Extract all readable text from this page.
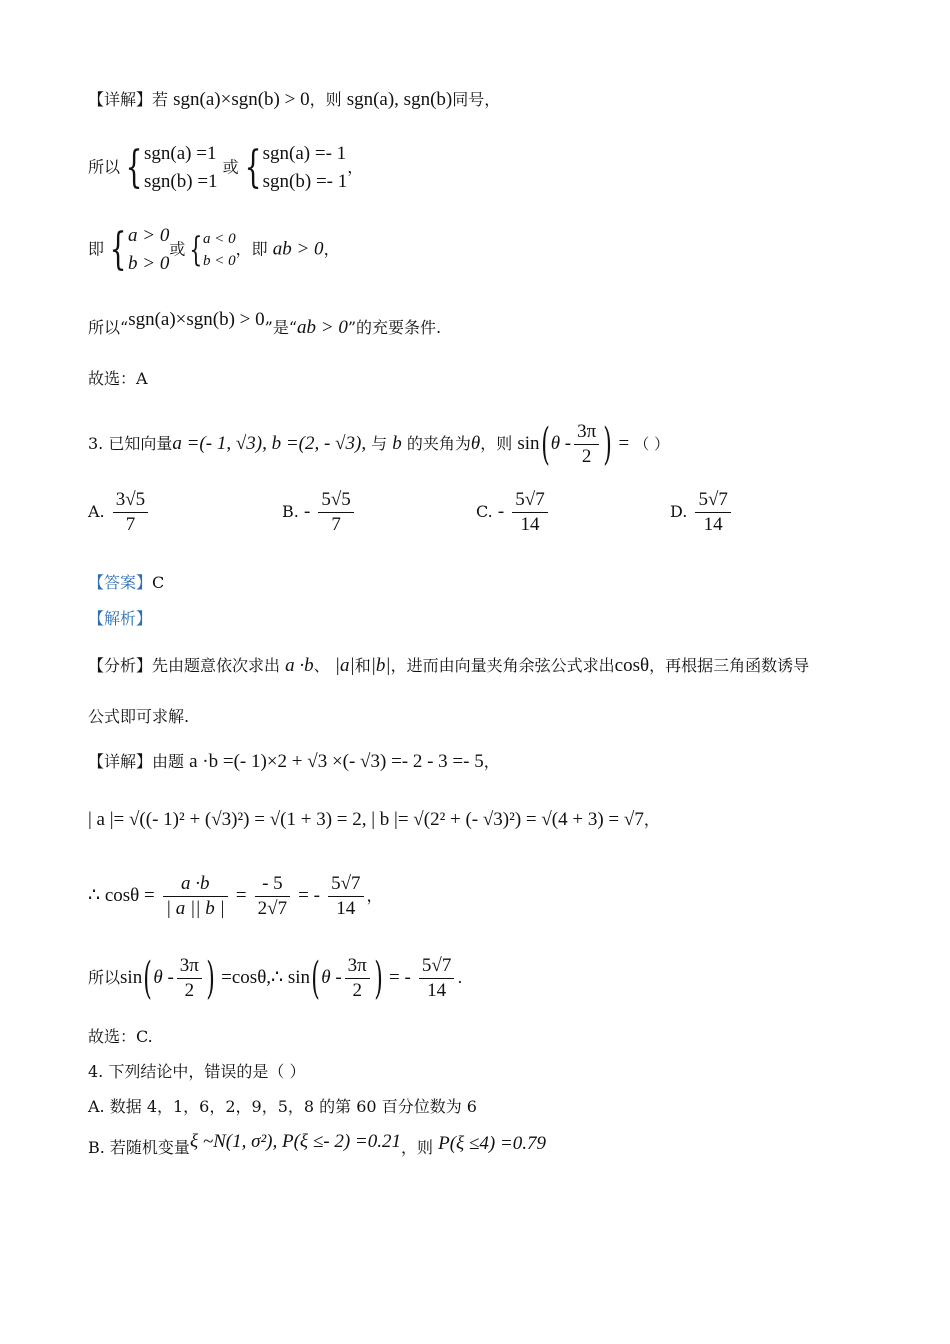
【详解】若 sgn(a)×sgn(b) > 0，则 sgn(a), sgn(b)同号，
所以 { sgn(a) =1
sgn(b) =1
或 { sgn(a) =- 1
sgn(b) =- 1
，
即 { a > 0
b > 0
或 { a < 0
b < 0
，即 ab > 0，
所以“sgn(a)×sgn(b) > 0”是“ab > 0”的充要条件.
故选：A
3. 已知向量a =(- 1, √3), b =(2, - √3), 与 b 的夹角为θ，则 $\sin(\theta - \frac{3\pi}{2}$ ) = （ ）
A. $\frac{3√5}{7}$	B. - $\frac{5√5}{7}$	C. - $\frac{5√7}{14}$	D. $\frac{5√7}{14}$
【答案】C
【解析】
【分析】先由题意依次求出 a ·b、 |a|和|b|，进而由向量夹角余弦公式求出cosθ，再根据三角函数诱导
公式即可求解.
【详解】由题 a ·b =(- 1)×2 + √3 ×(- √3) =- 2 - 3 =- 5，
| a |= √((- 1)² + (√3)²) = √(1 + 3) = 2, | b |= √(2² + (- √3)²) = √(4 + 3) = √7，
∴ $\cos\theta = \frac{a \cdot b}{| a || b |} = \frac{- 5}{2√7}$ = - $\frac{5√7}{14}$ ，
所以$\sin(\theta - \frac{3\pi}{2}$ ) =cosθ,∴ $\sin(\theta - \frac{3\pi}{2}$ ) = - $\frac{5√7}{14}$ .
故选：C.
4. 下列结论中，错误的是（ ）
A. 数据 4，1，6，2，9，5，8 的第 60 百分位数为 6
B. 若随机变量ξ ~N(1, σ²), P(ξ ≤- 2) =0.21，则 P(ξ ≤4) =0.79
